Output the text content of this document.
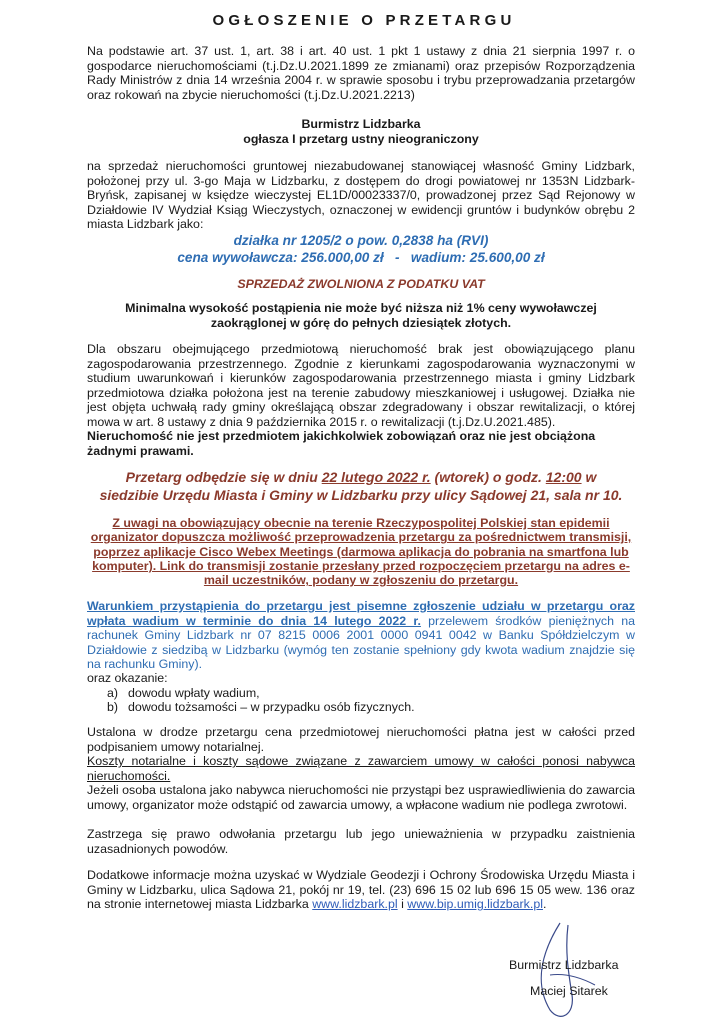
OGŁOSZENIE O PRZETARGU
Na podstawie art. 37 ust. 1, art. 38 i art. 40 ust. 1 pkt 1 ustawy z dnia 21 sierpnia 1997 r. o gospodarce nieruchomościami (t.j.Dz.U.2021.1899 ze zmianami) oraz przepisów Rozporządzenia Rady Ministrów z dnia 14 września 2004 r. w sprawie sposobu i trybu przeprowadzania przetargów oraz rokowań na zbycie nieruchomości (t.j.Dz.U.2021.2213)
Burmistrz Lidzbarka
ogłasza I przetarg ustny nieograniczony
na sprzedaż nieruchomości gruntowej niezabudowanej stanowiącej własność Gminy Lidzbark, położonej przy ul. 3-go Maja w Lidzbarku, z dostępem do drogi powiatowej nr 1353N Lidzbark-Bryńsk, zapisanej w księdze wieczystej EL1D/00023337/0, prowadzonej przez Sąd Rejonowy w Działdowie IV Wydział Ksiąg Wieczystych, oznaczonej w ewidencji gruntów i budynków obrębu 2 miasta Lidzbark jako:
działka nr 1205/2 o pow. 0,2838 ha (RVI)
cena wywoławcza: 256.000,00 zł - wadium: 25.600,00 zł
SPRZEDAŻ ZWOLNIONA Z PODATKU VAT
Minimalna wysokość postąpienia nie może być niższa niż 1% ceny wywoławczej zaokrąglonej w górę do pełnych dziesiątek złotych.
Dla obszaru obejmującego przedmiotową nieruchomość brak jest obowiązującego planu zagospodarowania przestrzennego. Zgodnie z kierunkami zagospodarowania wyznaczonymi w studium uwarunkowań i kierunków zagospodarowania przestrzennego miasta i gminy Lidzbark przedmiotowa działka położona jest na terenie zabudowy mieszkaniowej i usługowej. Działka nie jest objęta uchwałą rady gminy określającą obszar zdegradowany i obszar rewitalizacji, o której mowa w art. 8 ustawy z dnia 9 października 2015 r. o rewitalizacji (t.j.Dz.U.2021.485).
Nieruchomość nie jest przedmiotem jakichkolwiek zobowiązań oraz nie jest obciążona żadnymi prawami.
Przetarg odbędzie się w dniu 22 lutego 2022 r. (wtorek) o godz. 12:00 w
siedzibie Urzędu Miasta i Gminy w Lidzbarku przy ulicy Sądowej 21, sala nr 10.
Z uwagi na obowiązujący obecnie na terenie Rzeczypospolitej Polskiej stan epidemii organizator dopuszcza możliwość przeprowadzenia przetargu za pośrednictwem transmisji, poprzez aplikacje Cisco Webex Meetings (darmowa aplikacja do pobrania na smartfona lub komputer). Link do transmisji zostanie przesłany przed rozpoczęciem przetargu na adres e-mail uczestników, podany w zgłoszeniu do przetargu.
Warunkiem przystąpienia do przetargu jest pisemne zgłoszenie udziału w przetargu oraz wpłata wadium w terminie do dnia 14 lutego 2022 r. przelewem środków pieniężnych na rachunek Gminy Lidzbark nr 07 8215 0006 2001 0000 0941 0042 w Banku Spółdzielczym w Działdowie z siedzibą w Lidzbarku (wymóg ten zostanie spełniony gdy kwota wadium znajdzie się na rachunku Gminy).
oraz okazanie:
a) dowodu wpłaty wadium,
b) dowodu tożsamości – w przypadku osób fizycznych.
Ustalona w drodze przetargu cena przedmiotowej nieruchomości płatna jest w całości przed podpisaniem umowy notarialnej.
Koszty notarialne i koszty sądowe związane z zawarciem umowy w całości ponosi nabywca nieruchomości.
Jeżeli osoba ustalona jako nabywca nieruchomości nie przystąpi bez usprawiedliwienia do zawarcia umowy, organizator może odstąpić od zawarcia umowy, a wpłacone wadium nie podlega zwrotowi.
Zastrzega się prawo odwołania przetargu lub jego unieważnienia w przypadku zaistnienia uzasadnionych powodów.
Dodatkowe informacje można uzyskać w Wydziale Geodezji i Ochrony Środowiska Urzędu Miasta i Gminy w Lidzbarku, ulica Sądowa 21, pokój nr 19, tel. (23) 696 15 02 lub 696 15 05 wew. 136 oraz na stronie internetowej miasta Lidzbarka www.lidzbark.pl i www.bip.umig.lidzbark.pl.
Burmistrz Lidzbarka
Maciej Sitarek
